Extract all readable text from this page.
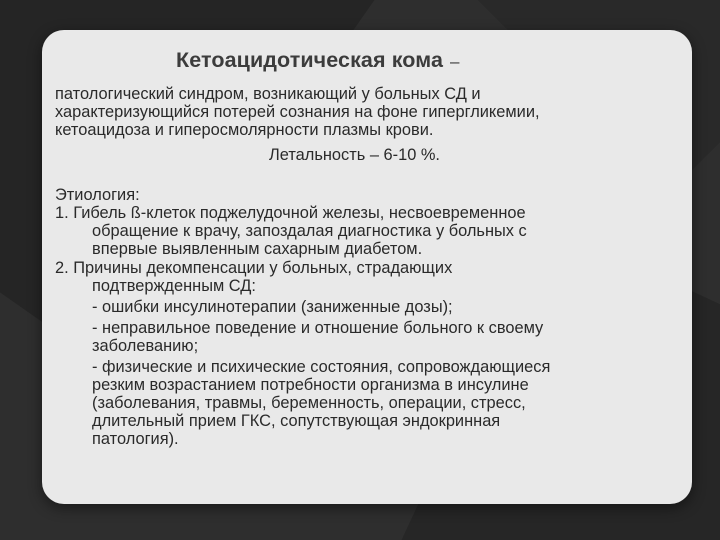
Кетоацидотическая кома –

патологический синдром, возникающий у больных СД и

характеризующийся потерей сознания на фоне гипергликемии,

кетоацидоза и гиперосмолярности плазмы крови.

Летальность – 6-10 %.

Этиология:

1. Гибель ß-клеток поджелудочной железы, несвоевременное
обращение к врачу, запоздалая диагностика у больных с
впервые выявленным сахарным диабетом.
2. Причины декомпенсации у больных, страдающих
подтвержденным СД:

- ошибки инсулинотерапии (заниженные дозы);

- неправильное поведение и отношение больного к своему
заболеванию;
- физические и психические состояния, сопровождающиеся
резким возрастанием потребности организма в инсулине
(заболевания, травмы, беременность, операции, стресс,
длительный прием ГКС, сопутствующая эндокринная
патология).
